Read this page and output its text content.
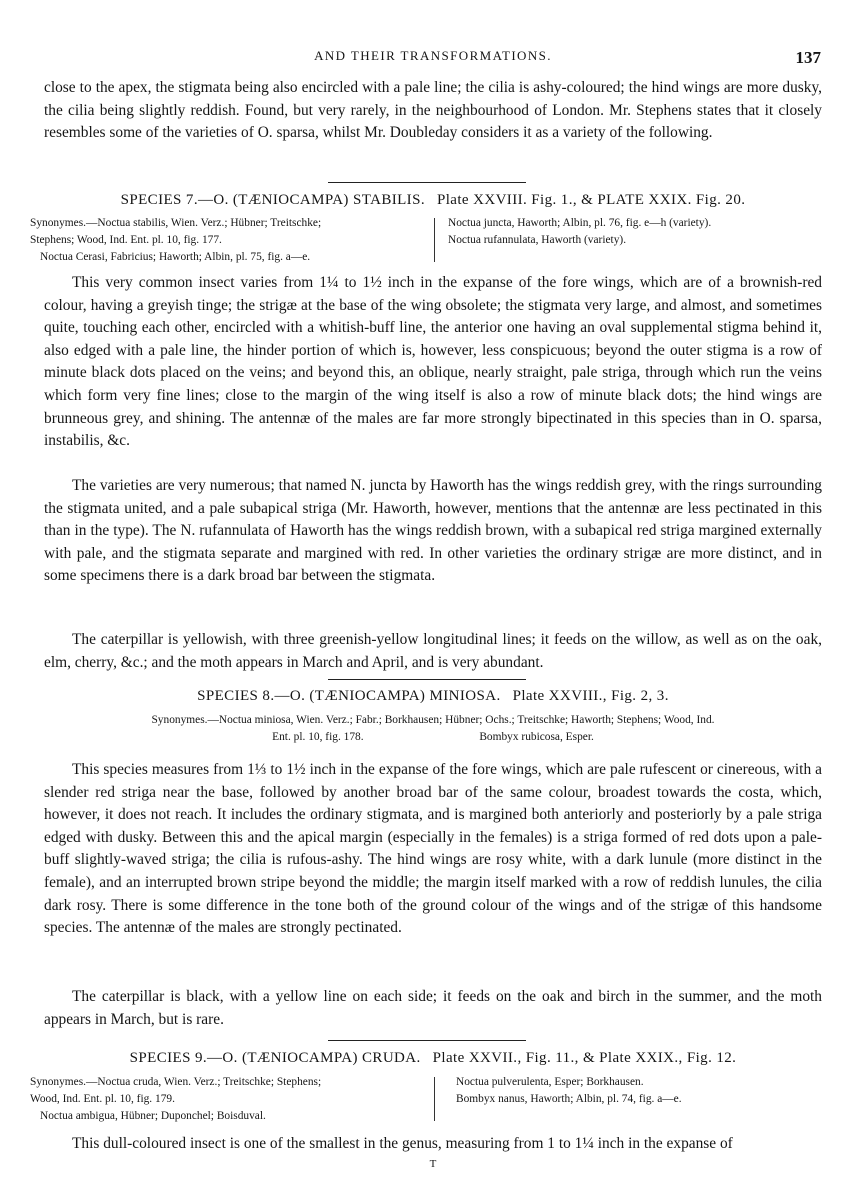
AND THEIR TRANSFORMATIONS.	137

close to the apex, the stigmata being also encircled with a pale line; the cilia is ashy-coloured; the hind wings are more dusky, the cilia being slightly reddish. Found, but very rarely, in the neighbourhood of London. Mr. Stephens states that it closely resembles some of the varieties of O. sparsa, whilst Mr. Doubleday considers it as a variety of the following.

SPECIES 7.—O. (TÆNIOCAMPA) STABILIS. Plate XXVIII. Fig. 1., & PLATE XXIX. Fig. 20.
Synonymes.—Noctua stabilis, Wien. Verz.; Hübner; Treitschke;
Stephens; Wood, Ind. Ent. pl. 10, fig. 177.
Noctua Cerasi, Fabricius; Haworth; Albin, pl. 75, fig. a—e.
Noctua juncta, Haworth; Albin, pl. 76, fig. e—h (variety).
Noctua rufannulata, Haworth (variety).

This very common insect varies from 1¼ to 1½ inch in the expanse of the fore wings, which are of a brownish-red colour, having a greyish tinge; the strigæ at the base of the wing obsolete; the stigmata very large, and almost, and sometimes quite, touching each other, encircled with a whitish-buff line, the anterior one having an oval supplemental stigma behind it, also edged with a pale line, the hinder portion of which is, however, less conspicuous; beyond the outer stigma is a row of minute black dots placed on the veins; and beyond this, an oblique, nearly straight, pale striga, through which run the veins which form very fine lines; close to the margin of the wing itself is also a row of minute black dots; the hind wings are brunneous grey, and shining. The antennæ of the males are far more strongly bipectinated in this species than in O. sparsa, instabilis, &c.

The varieties are very numerous; that named N. juncta by Haworth has the wings reddish grey, with the rings surrounding the stigmata united, and a pale subapical striga (Mr. Haworth, however, mentions that the antennæ are less pectinated in this than in the type). The N. rufannulata of Haworth has the wings reddish brown, with a subapical red striga margined externally with pale, and the stigmata separate and margined with red. In other varieties the ordinary strigæ are more distinct, and in some specimens there is a dark broad bar between the stigmata.

The caterpillar is yellowish, with three greenish-yellow longitudinal lines; it feeds on the willow, as well as on the oak, elm, cherry, &c.; and the moth appears in March and April, and is very abundant.

SPECIES 8.—O. (TÆNIOCAMPA) MINIOSA. Plate XXVIII., Fig. 2, 3.
Synonymes.—Noctua miniosa, Wien. Verz.; Fabr.; Borkhausen; Hübner; Ochs.; Treitschke; Haworth; Stephens; Wood, Ind.
Ent. pl. 10, fig. 178.	Bombyx rubicosa, Esper.

This species measures from 1⅓ to 1½ inch in the expanse of the fore wings, which are pale rufescent or cinereous, with a slender red striga near the base, followed by another broad bar of the same colour, broadest towards the costa, which, however, it does not reach. It includes the ordinary stigmata, and is margined both anteriorly and posteriorly by a pale striga edged with dusky. Between this and the apical margin (especially in the females) is a striga formed of red dots upon a pale-buff slightly-waved striga; the cilia is rufous-ashy. The hind wings are rosy white, with a dark lunule (more distinct in the female), and an interrupted brown stripe beyond the middle; the margin itself marked with a row of reddish lunules, the cilia dark rosy. There is some difference in the tone both of the ground colour of the wings and of the strigæ of this handsome species. The antennæ of the males are strongly pectinated.

The caterpillar is black, with a yellow line on each side; it feeds on the oak and birch in the summer, and the moth appears in March, but is rare.

SPECIES 9.—O. (TÆNIOCAMPA) CRUDA. Plate XXVII., Fig. 11., & Plate XXIX., Fig. 12.
Synonymes.—Noctua cruda, Wien. Verz.; Treitschke; Stephens;
Wood, Ind. Ent. pl. 10, fig. 179.
Noctua ambigua, Hübner; Duponchel; Boisduval.
Noctua pulverulenta, Esper; Borkhausen.
Bombyx nanus, Haworth; Albin, pl. 74, fig. a—e.

This dull-coloured insect is one of the smallest in the genus, measuring from 1 to 1¼ inch in the expanse of

T
